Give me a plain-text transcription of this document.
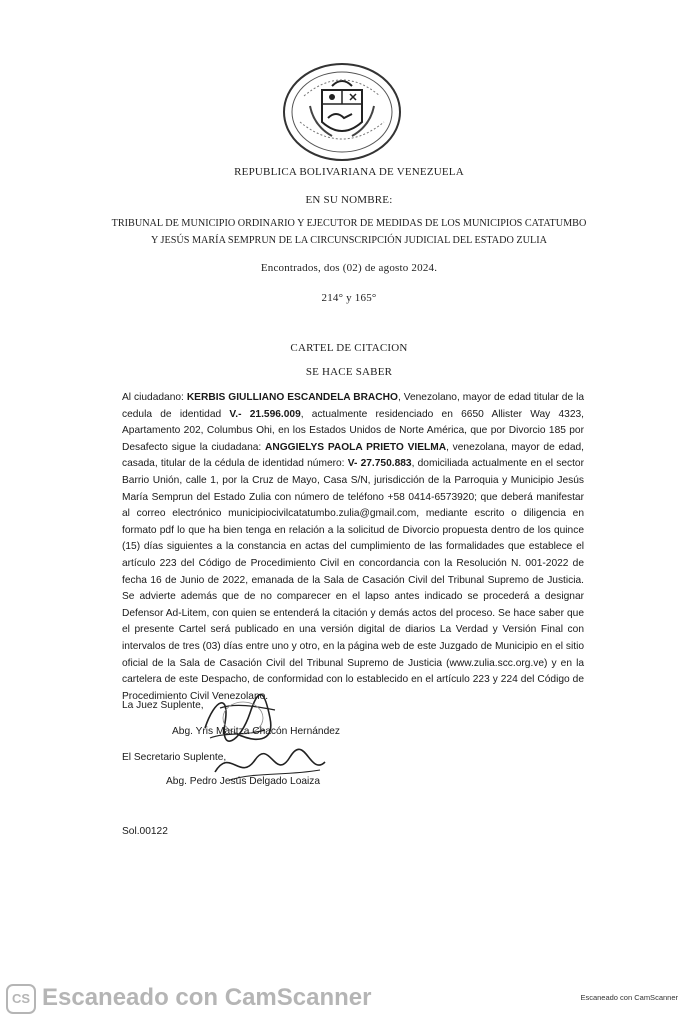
REPUBLICA BOLIVARIANA DE VENEZUELA
EN SU NOMBRE:
TRIBUNAL DE MUNICIPIO ORDINARIO Y EJECUTOR DE MEDIDAS DE LOS MUNICIPIOS CATATUMBO Y JESÚS MARÍA SEMPRUN DE LA CIRCUNSCRIPCIÓN JUDICIAL DEL ESTADO ZULIA
Encontrados, dos (02) de agosto 2024.
214° y 165°
CARTEL DE CITACION
SE HACE SABER
Al ciudadano: KERBIS GIULLIANO ESCANDELA BRACHO, Venezolano, mayor de edad titular de la cedula de identidad V.- 21.596.009, actualmente residenciado en 6650 Allister Way 4323, Apartamento 202, Columbus Ohi, en los Estados Unidos de Norte América, que por Divorcio 185 por Desafecto sigue la ciudadana: ANGGIELYS PAOLA PRIETO VIELMA, venezolana, mayor de edad, casada, titular de la cédula de identidad número: V- 27.750.883, domiciliada actualmente en el sector Barrio Unión, calle 1, por la Cruz de Mayo, Casa S/N, jurisdicción de la Parroquia y Municipio Jesús María Semprun del Estado Zulia con número de teléfono +58 0414-6573920; que deberá manifestar al correo electrónico municipiocivilcatatumbo.zulia@gmail.com, mediante escrito o diligencia en formato pdf lo que ha bien tenga en relación a la solicitud de Divorcio propuesta dentro de los quince (15) días siguientes a la constancia en actas del cumplimiento de las formalidades que establece el artículo 223 del Código de Procedimiento Civil en concordancia con la Resolución N. 001-2022 de fecha 16 de Junio de 2022, emanada de la Sala de Casación Civil del Tribunal Supremo de Justicia. Se advierte además que de no comparecer en el lapso antes indicado se procederá a designar Defensor Ad-Litem, con quien se entenderá la citación y demás actos del proceso. Se hace saber que el presente Cartel será publicado en una versión digital de diarios La Verdad y Versión Final con intervalos de tres (03) días entre uno y otro, en la página web de este Juzgado de Municipio en el sitio oficial de la Sala de Casación Civil del Tribunal Supremo de Justicia (www.zulia.scc.org.ve) y en la cartelera de este Despacho, de conformidad con lo establecido en el artículo 223 y 224 del Código de Procedimiento Civil Venezolano.
La Juez Suplente,
Abg. Yris Maritza Chacón Hernández
El Secretario Suplente,
Abg. Pedro Jesús Delgado Loaiza
Sol.00122
Escaneado con CamScanner
CS Escaneado con CamScanner
